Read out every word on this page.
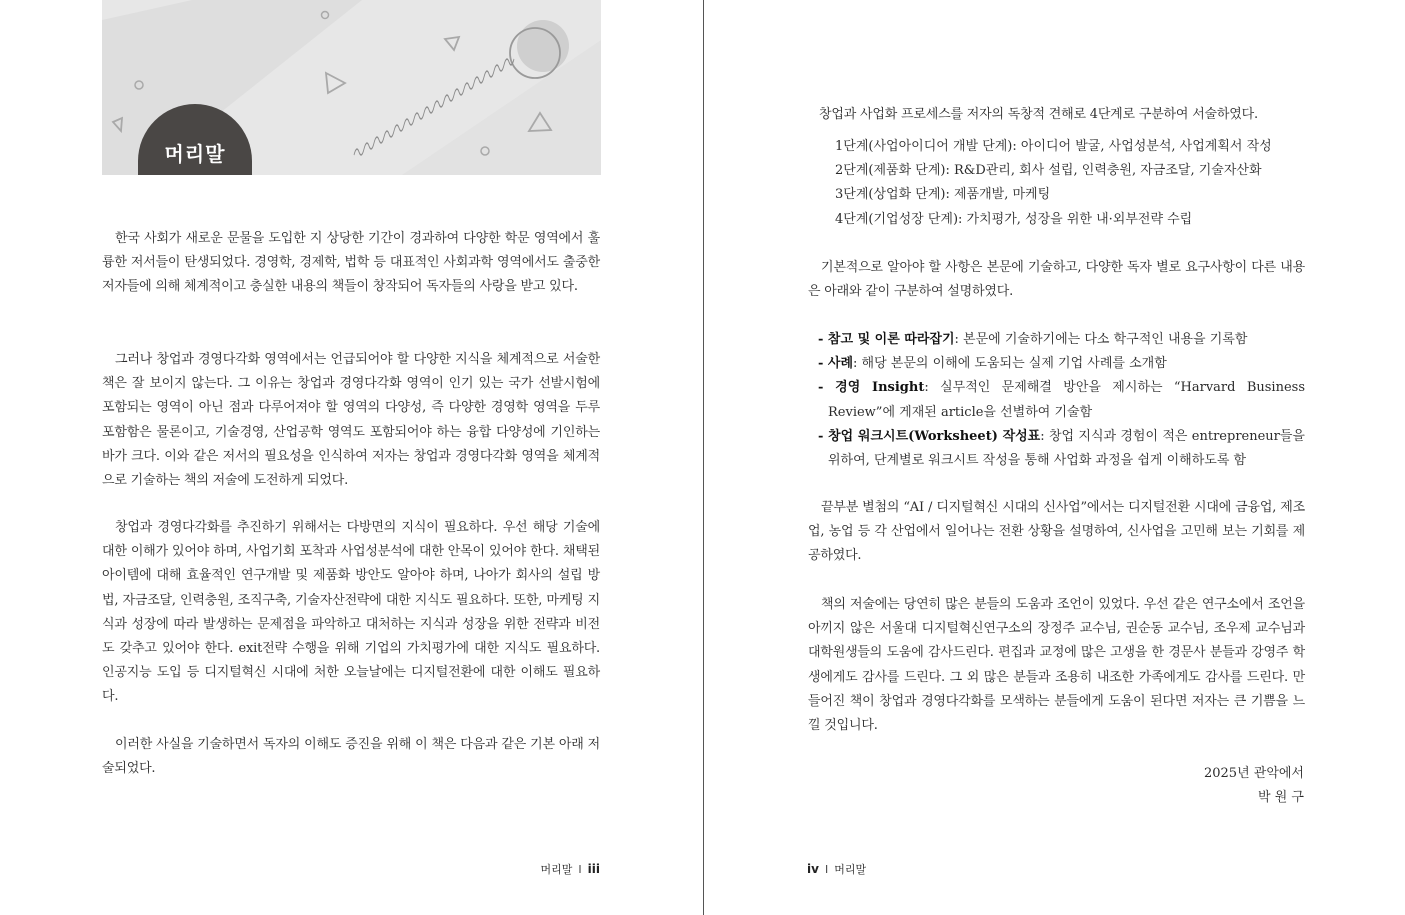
머리말

한국 사회가 새로운 문물을 도입한 지 상당한 기간이 경과하여 다양한 학문 영역에서 훌륭한 저서들이 탄생되었다. 경영학, 경제학, 법학 등 대표적인 사회과학 영역에서도 출중한 저자들에 의해 체계적이고 충실한 내용의 책들이 창작되어 독자들의 사랑을 받고 있다.

그러나 창업과 경영다각화 영역에서는 언급되어야 할 다양한 지식을 체계적으로 서술한 책은 잘 보이지 않는다. 그 이유는 창업과 경영다각화 영역이 인기 있는 국가 선발시험에 포함되는 영역이 아닌 점과 다루어져야 할 영역의 다양성, 즉 다양한 경영학 영역을 두루 포함함은 물론이고, 기술경영, 산업공학 영역도 포함되어야 하는 융합 다양성에 기인하는 바가 크다. 이와 같은 저서의 필요성을 인식하여 저자는 창업과 경영다각화 영역을 체계적으로 기술하는 책의 저술에 도전하게 되었다.

창업과 경영다각화를 추진하기 위해서는 다방면의 지식이 필요하다. 우선 해당 기술에 대한 이해가 있어야 하며, 사업기회 포착과 사업성분석에 대한 안목이 있어야 한다. 채택된 아이템에 대해 효율적인 연구개발 및 제품화 방안도 알아야 하며, 나아가 회사의 설립 방법, 자금조달, 인력충원, 조직구축, 기술자산전략에 대한 지식도 필요하다. 또한, 마케팅 지식과 성장에 따라 발생하는 문제점을 파악하고 대처하는 지식과 성장을 위한 전략과 비전도 갖추고 있어야 한다. exit전략 수행을 위해 기업의 가치평가에 대한 지식도 필요하다. 인공지능 도입 등 디지털혁신 시대에 처한 오늘날에는 디지털전환에 대한 이해도 필요하다.

이러한 사실을 기술하면서 독자의 이해도 증진을 위해 이 책은 다음과 같은 기본 아래 저술되었다.

머리말 I iii

창업과 사업화 프로세스를 저자의 독창적 견해로 4단계로 구분하여 서술하였다.

1단계(사업아이디어 개발 단계): 아이디어 발굴, 사업성분석, 사업계획서 작성
2단계(제품화 단계): R&D관리, 회사 설립, 인력충원, 자금조달, 기술자산화
3단계(상업화 단계): 제품개발, 마케팅
4단계(기업성장 단계): 가치평가, 성장을 위한 내·외부전략 수립

기본적으로 알아야 할 사항은 본문에 기술하고, 다양한 독자 별로 요구사항이 다른 내용은 아래와 같이 구분하여 설명하였다.

- 참고 및 이론 따라잡기: 본문에 기술하기에는 다소 학구적인 내용을 기록함
- 사례: 해당 본문의 이해에 도움되는 실제 기업 사례를 소개함
- 경영 Insight: 실무적인 문제해결 방안을 제시하는 “Harvard Business Review”에 게재된 article을 선별하여 기술함
- 창업 워크시트(Worksheet) 작성표: 창업 지식과 경험이 적은 entrepreneur들을 위하여, 단계별로 워크시트 작성을 통해 사업화 과정을 쉽게 이해하도록 함

끝부분 별첨의 “AI / 디지털혁신 시대의 신사업”에서는 디지털전환 시대에 금융업, 제조업, 농업 등 각 산업에서 일어나는 전환 상황을 설명하여, 신사업을 고민해 보는 기회를 제공하였다.

책의 저술에는 당연히 많은 분들의 도움과 조언이 있었다. 우선 같은 연구소에서 조언을 아끼지 않은 서울대 디지털혁신연구소의 장정주 교수님, 권순동 교수님, 조우제 교수님과 대학원생들의 도움에 감사드린다. 편집과 교정에 많은 고생을 한 경문사 분들과 강영주 학생에게도 감사를 드린다. 그 외 많은 분들과 조용히 내조한 가족에게도 감사를 드린다. 만들어진 책이 창업과 경영다각화를 모색하는 분들에게 도움이 된다면 저자는 큰 기쁨을 느낄 것입니다.

2025년 관악에서
박 원 구
iv I 머리말
